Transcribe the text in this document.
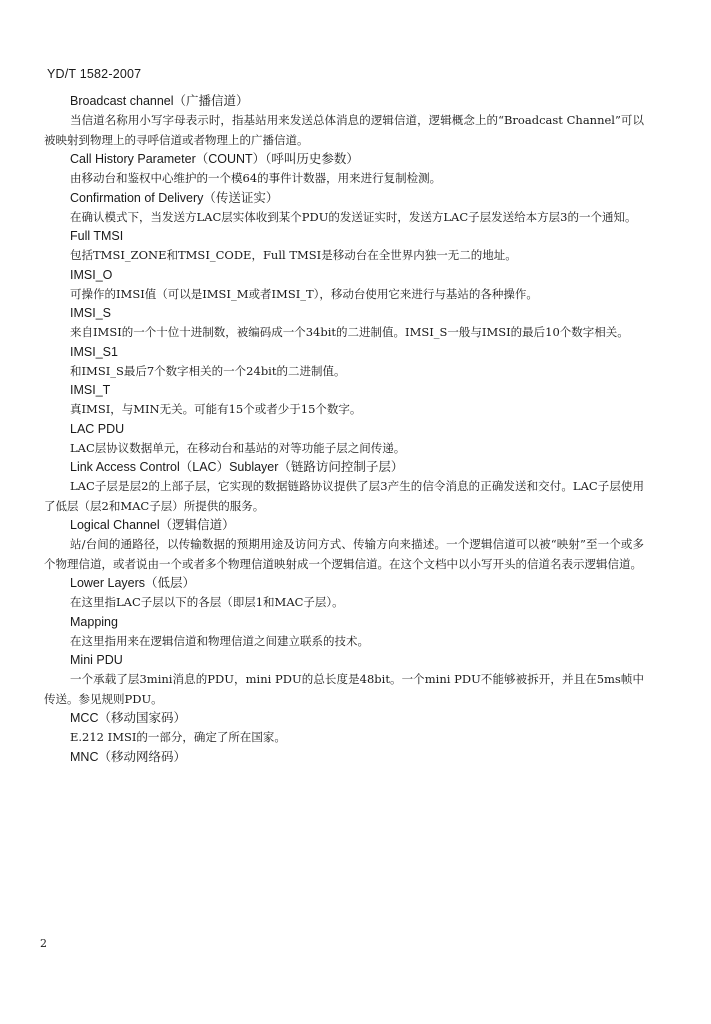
YD/T 1582-2007
Broadcast channel（广播信道）
当信道名称用小写字母表示时，指基站用来发送总体消息的逻辑信道，逻辑概念上的“Broadcast Channel”可以被映射到物理上的寻呼信道或者物理上的广播信道。
Call History Parameter（COUNT）（呼叫历史参数）
由移动台和鉴权中心维护的一个模64的事件计数器，用来进行复制检测。
Confirmation of Delivery（传送证实）
在确认模式下，当发送方LAC层实体收到某个PDU的发送证实时，发送方LAC子层发送给本方层3的一个通知。
Full TMSI
包括TMSI_ZONE和TMSI_CODE，Full TMSI是移动台在全世界内独一无二的地址。
IMSI_O
可操作的IMSI值（可以是IMSI_M或者IMSI_T），移动台使用它来进行与基站的各种操作。
IMSI_S
来自IMSI的一个十位十进制数，被编码成一个34bit的二进制值。IMSI_S一般与IMSI的最后10个数字相关。
IMSI_S1
和IMSI_S最后7个数字相关的一个24bit的二进制值。
IMSI_T
真IMSI，与MIN无关。可能有15个或者少于15个数字。
LAC PDU
LAC层协议数据单元，在移动台和基站的对等功能子层之间传递。
Link Access Control（LAC）Sublayer（链路访问控制子层）
LAC子层是层2的上部子层，它实现的数据链路协议提供了层3产生的信令消息的正确发送和交付。LAC子层使用了低层（层2和MAC子层）所提供的服务。
Logical Channel（逻辑信道）
站/台间的通路径，以传输数据的预期用途及访问方式、传输方向来描述。一个逻辑信道可以被“映射”至一个或多个物理信道，或者说由一个或者多个物理信道映射成一个逻辑信道。在这个文档中以小写开头的信道名表示逻辑信道。
Lower Layers（低层）
在这里指LAC子层以下的各层（即层1和MAC子层）。
Mapping
在这里指用来在逻辑信道和物理信道之间建立联系的技术。
Mini PDU
一个承载了层3mini消息的PDU，mini PDU的总长度是48bit。一个mini PDU不能够被拆开，并且在5ms帧中传送。参见规则PDU。
MCC（移动国家码）
E.212 IMSI的一部分，确定了所在国家。
MNC（移动网络码）
2
